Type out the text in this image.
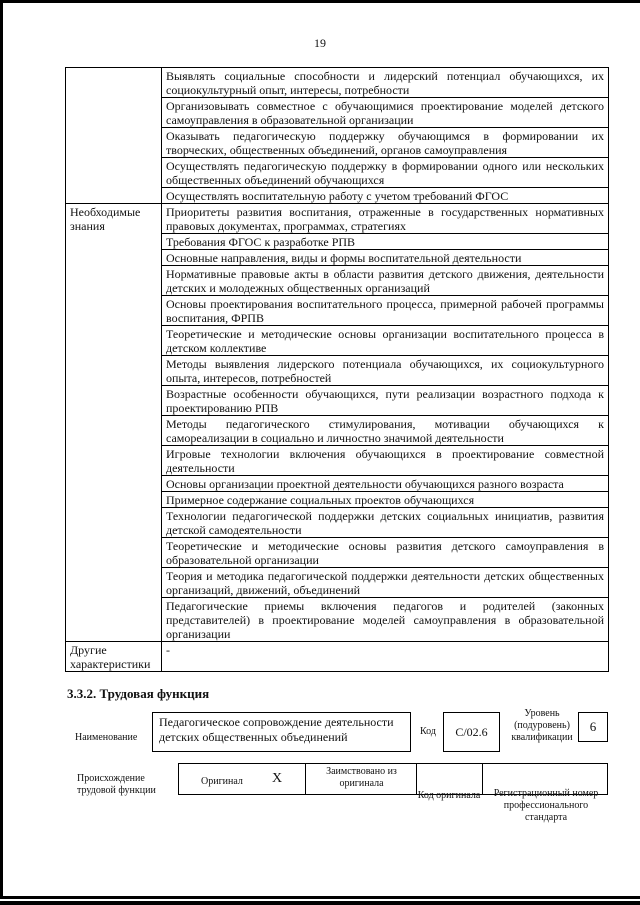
19
	Выявлять социальные способности и лидерский потенциал обучающихся, их социокультурный опыт, интересы, потребности
	Организовывать совместное с обучающимися проектирование моделей детского самоуправления в образовательной организации
	Оказывать педагогическую поддержку обучающимся в формировании их творческих, общественных объединений, органов самоуправления
	Осуществлять педагогическую поддержку в формировании одного или нескольких общественных объединений обучающихся
	Осуществлять воспитательную работу с учетом требований ФГОС
Необходимые знания	Приоритеты развития воспитания, отраженные в государственных нормативных правовых документах, программах, стратегиях
	Требования ФГОС к разработке РПВ
	Основные направления, виды и формы воспитательной деятельности
	Нормативные правовые акты в области развития детского движения, деятельности детских и молодежных общественных организаций
	Основы проектирования воспитательного процесса, примерной рабочей программы воспитания, ФРПВ
	Теоретические и методические основы организации воспитательного процесса в детском коллективе
	Методы выявления лидерского потенциала обучающихся, их социокультурного опыта, интересов, потребностей
	Возрастные особенности обучающихся, пути реализации возрастного подхода к проектированию РПВ
	Методы педагогического стимулирования, мотивации обучающихся к самореализации в социально и личностно значимой деятельности
	Игровые технологии включения обучающихся в проектирование совместной деятельности
	Основы организации проектной деятельности обучающихся разного возраста
	Примерное содержание социальных проектов обучающихся
	Технологии педагогической поддержки детских социальных инициатив, развития детской самодеятельности
	Теоретические и методические основы развития детского самоуправления в образовательной организации
	Теория и методика педагогической поддержки деятельности детских общественных организаций, движений, объединений
	Педагогические приемы включения педагогов и родителей (законных представителей) в проектирование моделей самоуправления в образовательной организации
Другие характеристики	-
3.3.2. Трудовая функция
Наименование
Педагогическое сопровождение деятельности детских общественных объединений	Код	С/02.6
Уровень (подуровень) квалификации
6
Происхождение трудовой функции
Оригинал X	Заимствовано из оригинала
Код оригинала	Регистрационный номер профессионального стандарта
